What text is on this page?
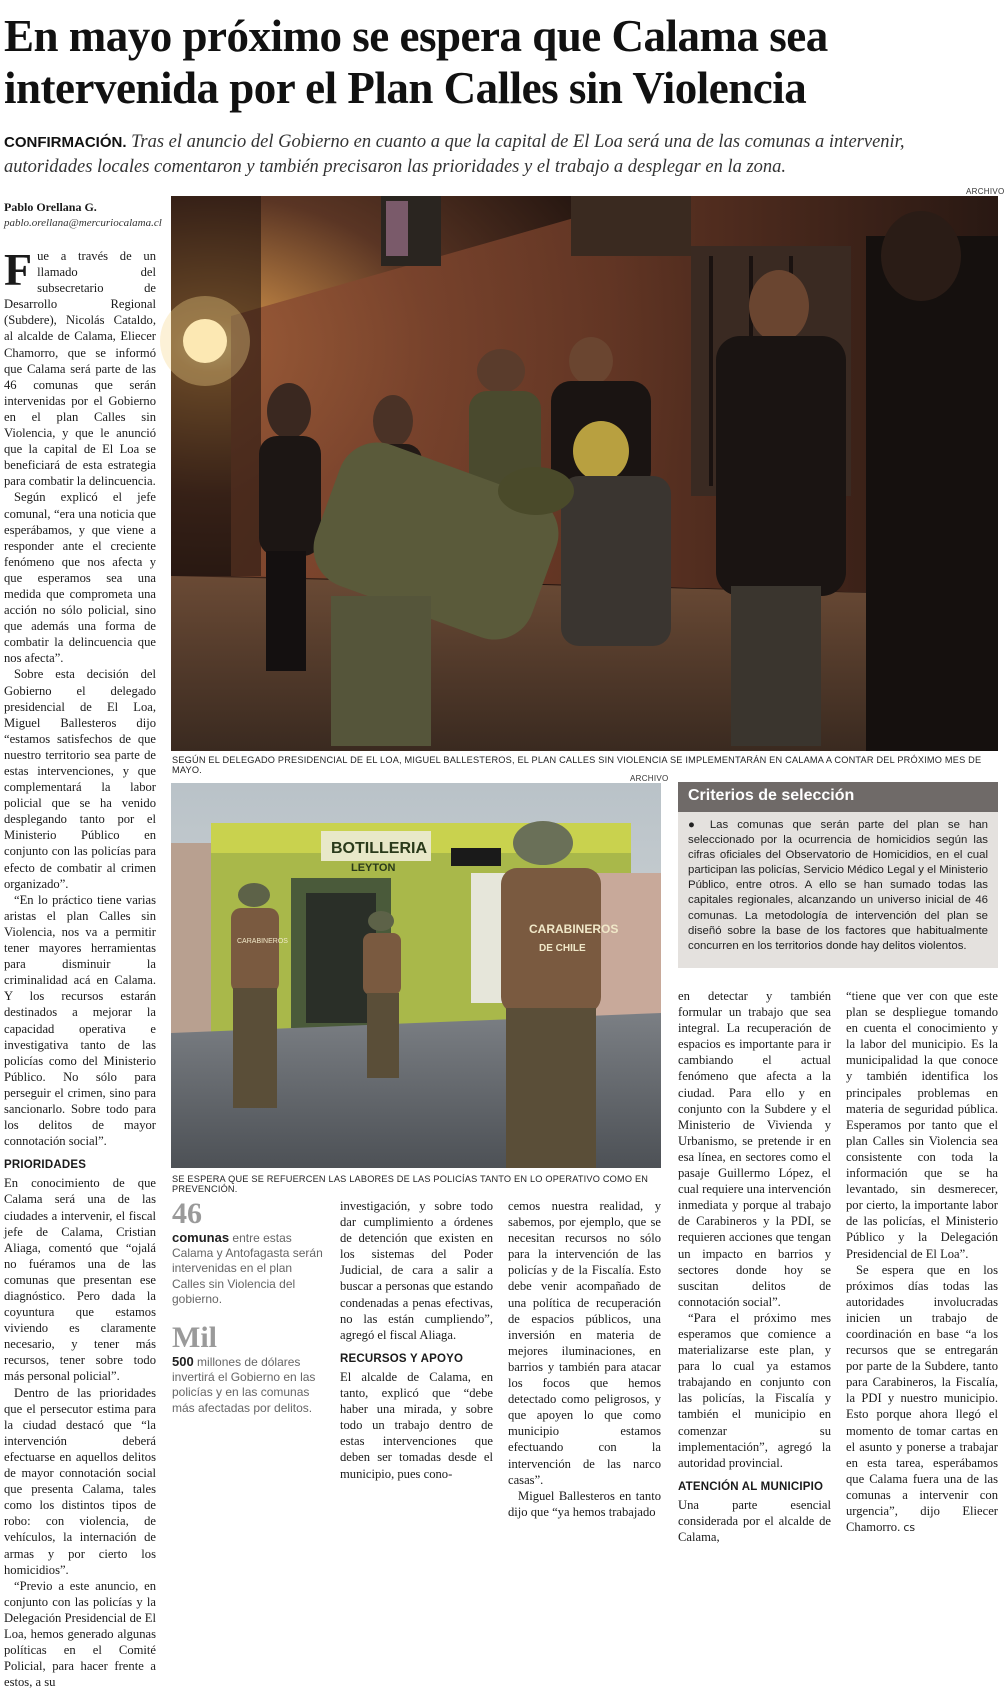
En mayo próximo se espera que Calama sea intervenida por el Plan Calles sin Violencia
CONFIRMACIÓN. Tras el anuncio del Gobierno en cuanto a que la capital de El Loa será una de las comunas a intervenir, autoridades locales comentaron y también precisaron las prioridades y el trabajo a desplegar en la zona.
Pablo Orellana G.
pablo.orellana@mercuriocalama.cl

Fue a través de un llamado del subsecretario de Desarrollo Regional (Subdere), Nicolás Cataldo, al alcalde de Calama, Eliecer Chamorro, que se informó que Calama será parte de las 46 comunas que serán intervenidas por el Gobierno en el plan Calles sin Violencia, y que le anunció que la capital de El Loa se beneficiará de esta estrategia para combatir la delincuencia.

Según explicó el jefe comunal, “era una noticia que esperábamos, y que viene a responder ante el creciente fenómeno que nos afecta y que esperamos sea una medida que comprometa una acción no sólo policial, sino que además una forma de combatir la delincuencia que nos afecta”.

Sobre esta decisión del Gobierno el delegado presidencial de El Loa, Miguel Ballesteros dijo “estamos satisfechos de que nuestro territorio sea parte de estas intervenciones, y que complementará la labor policial que se ha venido desplegando tanto por el Ministerio Público en conjunto con las policías para efecto de combatir al crimen organizado”.

“En lo práctico tiene varias aristas el plan Calles sin Violencia, nos va a permitir tener mayores herramientas para disminuir la criminalidad acá en Calama. Y los recursos estarán destinados a mejorar la capacidad operativa e investigativa tanto de las policías como del Ministerio Público. No sólo para perseguir el crimen, sino para sancionarlo. Sobre todo para los delitos de mayor connotación social”.

PRIORIDADES

En conocimiento de que Calama será una de las ciudades a intervenir, el fiscal jefe de Calama, Cristian Aliaga, comentó que “ojalá no fuéramos una de las comunas que presentan ese diagnóstico. Pero dada la coyuntura que estamos viviendo es claramente necesario, y tener más recursos, tener sobre todo más personal policial”.

Dentro de las prioridades que el persecutor estima para la ciudad destacó que “la intervención deberá efectuarse en aquellos delitos de mayor connotación social que presenta Calama, tales como los distintos tipos de robo: con violencia, de vehículos, la internación de armas y por cierto los homicidios”.

“Previo a este anuncio, en conjunto con las policías y la Delegación Presidencial de El Loa, hemos generado algunas políticas en el Comité Policial, para hacer frente a estos, a su

ARCHIVO
SEGÚN EL DELEGADO PRESIDENCIAL DE EL LOA, MIGUEL BALLESTEROS, EL PLAN CALLES SIN VIOLENCIA SE IMPLEMENTARÁN EN CALAMA A CONTAR DEL PRÓXIMO MES DE MAYO.
ARCHIVO
BOTILLERIA
LEYTON
CARABINEROS
CARABINEROS
DE CHILE
SE ESPERA QUE SE REFUERCEN LAS LABORES DE LAS POLICÍAS TANTO EN LO OPERATIVO COMO EN PREVENCIÓN.
Criterios de selección
● Las comunas que serán parte del plan se han seleccionado por la ocurrencia de homicidios según las cifras oficiales del Observatorio de Homicidios, en el cual participan las policías, Servicio Médico Legal y el Ministerio Público, entre otros. A ello se han sumado todas las capitales regionales, alcanzando un universo inicial de 46 comunas. La metodología de intervención del plan se diseñó sobre la base de los factores que habitualmente concurren en los territorios donde hay delitos violentos.
46
comunas entre estas Calama y Antofagasta serán intervenidas en el plan Calles sin Violencia del gobierno.
Mil
500 millones de dólares invertirá el Gobierno en las policías y en las comunas más afectadas por delitos.

investigación, y sobre todo dar cumplimiento a órdenes de detención que existen en los sistemas del Poder Judicial, de cara a salir a buscar a personas que estando condenadas a penas efectivas, no las están cumpliendo”, agregó el fiscal Aliaga.

RECURSOS Y APOYO

El alcalde de Calama, en tanto, explicó que “debe haber una mirada, y sobre todo un trabajo dentro de estas intervenciones que deben ser tomadas desde el municipio, pues cono-

cemos nuestra realidad, y sabemos, por ejemplo, que se necesitan recursos no sólo para la intervención de las policías y de la Fiscalía. Esto debe venir acompañado de una política de recuperación de espacios públicos, una inversión en materia de mejores iluminaciones, en barrios y también para atacar los focos que hemos detectado como peligrosos, y que apoyen lo que como municipio estamos efectuando con la intervención de las narco casas”.

Miguel Ballesteros en tanto dijo que “ya hemos trabajado

en detectar y también formular un trabajo que sea integral. La recuperación de espacios es importante para ir cambiando el actual fenómeno que afecta a la ciudad. Para ello y en conjunto con la Subdere y el Ministerio de Vivienda y Urbanismo, se pretende ir en esa línea, en sectores como el pasaje Guillermo López, el cual requiere una intervención inmediata y porque al trabajo de Carabineros y la PDI, se requieren acciones que tengan un impacto en barrios y sectores donde hoy se suscitan delitos de connotación social”.

“Para el próximo mes esperamos que comience a materializarse este plan, y para lo cual ya estamos trabajando en conjunto con las policías, la Fiscalía y también el municipio en comenzar su implementación”, agregó la autoridad provincial.

ATENCIÓN AL MUNICIPIO

Una parte esencial considerada por el alcalde de Calama,

“tiene que ver con que este plan se despliegue tomando en cuenta el conocimiento y la labor del municipio. Es la municipalidad la que conoce y también identifica los principales problemas en materia de seguridad pública. Esperamos por tanto que el plan Calles sin Violencia sea consistente con toda la información que se ha levantado, sin desmerecer, por cierto, la importante labor de las policías, el Ministerio Público y la Delegación Presidencial de El Loa”.

Se espera que en los próximos días todas las autoridades involucradas inicien un trabajo de coordinación en base “a los recursos que se entregarán por parte de la Subdere, tanto para Carabineros, la Fiscalía, la PDI y nuestro municipio. Esto porque ahora llegó el momento de tomar cartas en el asunto y ponerse a trabajar en esta tarea, esperábamos que Calama fuera una de las comunas a intervenir con urgencia”, dijo Eliecer Chamorro. cs
